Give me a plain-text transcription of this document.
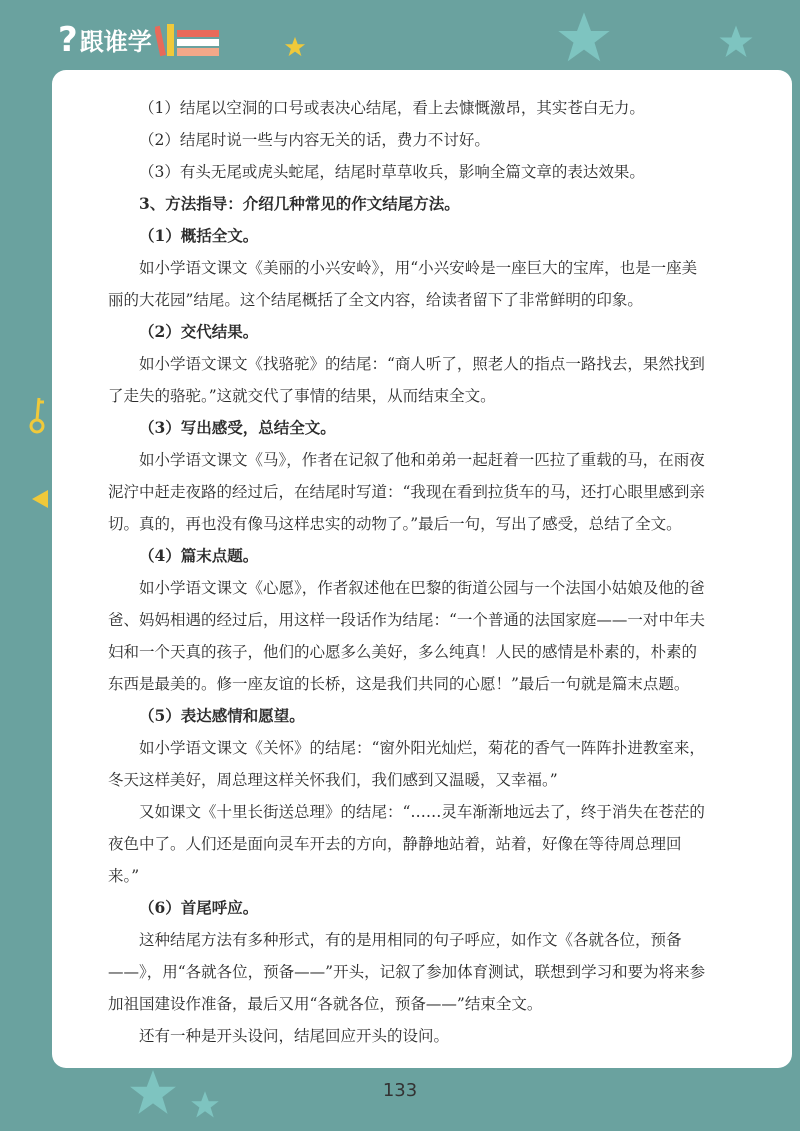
? 跟谁学

（1）结尾以空洞的口号或表决心结尾，看上去慷慨激昂，其实苍白无力。

（2）结尾时说一些与内容无关的话，费力不讨好。

（3）有头无尾或虎头蛇尾，结尾时草草收兵，影响全篇文章的表达效果。

3、方法指导：介绍几种常见的作文结尾方法。

（1）概括全文。

如小学语文课文《美丽的小兴安岭》，用“小兴安岭是一座巨大的宝库，也是一座美丽的大花园”结尾。这个结尾概括了全文内容，给读者留下了非常鲜明的印象。

（2）交代结果。

如小学语文课文《找骆驼》的结尾：“商人听了，照老人的指点一路找去，果然找到了走失的骆驼。”这就交代了事情的结果，从而结束全文。

（3）写出感受，总结全文。

如小学语文课文《马》，作者在记叙了他和弟弟一起赶着一匹拉了重载的马，在雨夜泥泞中赶走夜路的经过后，在结尾时写道：“我现在看到拉货车的马，还打心眼里感到亲切。真的，再也没有像马这样忠实的动物了。”最后一句，写出了感受，总结了全文。

（4）篇末点题。

如小学语文课文《心愿》，作者叙述他在巴黎的街道公园与一个法国小姑娘及他的爸爸、妈妈相遇的经过后，用这样一段话作为结尾：“一个普通的法国家庭——一对中年夫妇和一个天真的孩子，他们的心愿多么美好，多么纯真！人民的感情是朴素的，朴素的东西是最美的。修一座友谊的长桥，这是我们共同的心愿！”最后一句就是篇末点题。

（5）表达感情和愿望。

如小学语文课文《关怀》的结尾：“窗外阳光灿烂，菊花的香气一阵阵扑进教室来，冬天这样美好，周总理这样关怀我们，我们感到又温暖，又幸福。”

又如课文《十里长街送总理》的结尾：“……灵车渐渐地远去了，终于消失在苍茫的夜色中了。人们还是面向灵车开去的方向，静静地站着，站着，好像在等待周总理回来。”

（6）首尾呼应。

这种结尾方法有多种形式，有的是用相同的句子呼应，如作文《各就各位，预备——》，用“各就各位，预备——”开头，记叙了参加体育测试，联想到学习和要为将来参加祖国建设作准备，最后又用“各就各位，预备——”结束全文。

还有一种是开头设问，结尾回应开头的设问。

133
